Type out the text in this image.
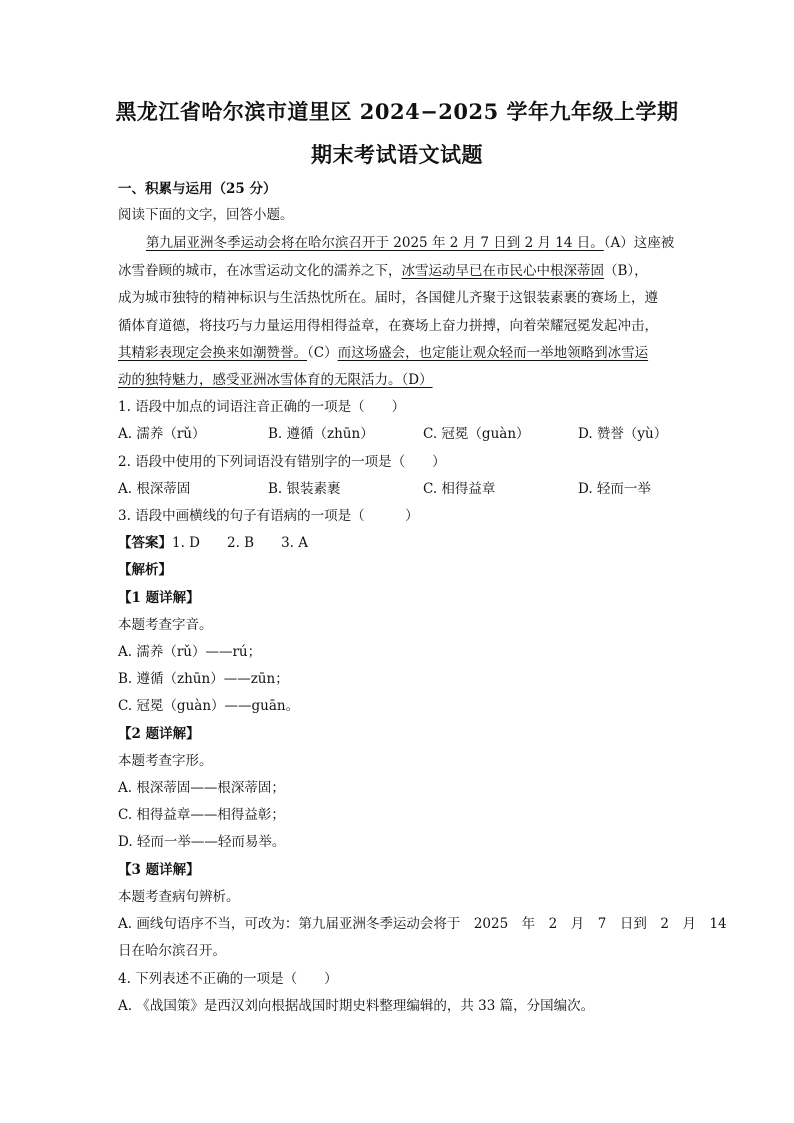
黑龙江省哈尔滨市道里区 2024−2025 学年九年级上学期
期末考试语文试题
一、积累与运用（25 分）
阅读下面的文字，回答小题。
第九届亚洲冬季运动会将在哈尔滨召开于 2025 年 2 月 7 日到 2 月 14 日。（A）这座被
冰雪眷顾的城市，在冰雪运动文化的濡养之下，冰雪运动早已在市民心中根深蒂固（B），
成为城市独特的精神标识与生活热忱所在。届时，各国健儿齐聚于这银装素裹的赛场上，遵
循体育道德，将技巧与力量运用得相得益章，在赛场上奋力拼搏，向着荣耀冠冕发起冲击，
其精彩表现定会换来如潮赞誉。（C）而这场盛会，也定能让观众轻而一举地领略到冰雪运
动的独特魅力，感受亚洲冰雪体育的无限活力。（D）
1. 语段中加点的词语注音正确的一项是（　　）
A. 濡养（rǔ）	B. 遵循（zhūn）	C. 冠冕（guàn）	D. 赞誉（yù）
2. 语段中使用的下列词语没有错别字的一项是（　　）
A. 根深蒂固	B. 银装素裹	C. 相得益章	D. 轻而一举
3. 语段中画横线的句子有语病的一项是（　　　）
【答案】1. D　　2. B　　3. A
【解析】
【1 题详解】
本题考查字音。
A. 濡养（rǔ）——rú；
B. 遵循（zhūn）——zūn；
C. 冠冕（guàn）——guān。
【2 题详解】
本题考查字形。
A. 根深蒂固——根深蒂固；
C. 相得益章——相得益彰；
D. 轻而一举——轻而易举。
【3 题详解】
本题考查病句辨析。
A. 画线句语序不当，可改为：第九届亚洲冬季运动会将于　2025　年　2　月　7　日到　2　月　14
日在哈尔滨召开。
4. 下列表述不正确的一项是（　　）
A. 《战国策》是西汉刘向根据战国时期史料整理编辑的，共 33 篇，分国编次。
